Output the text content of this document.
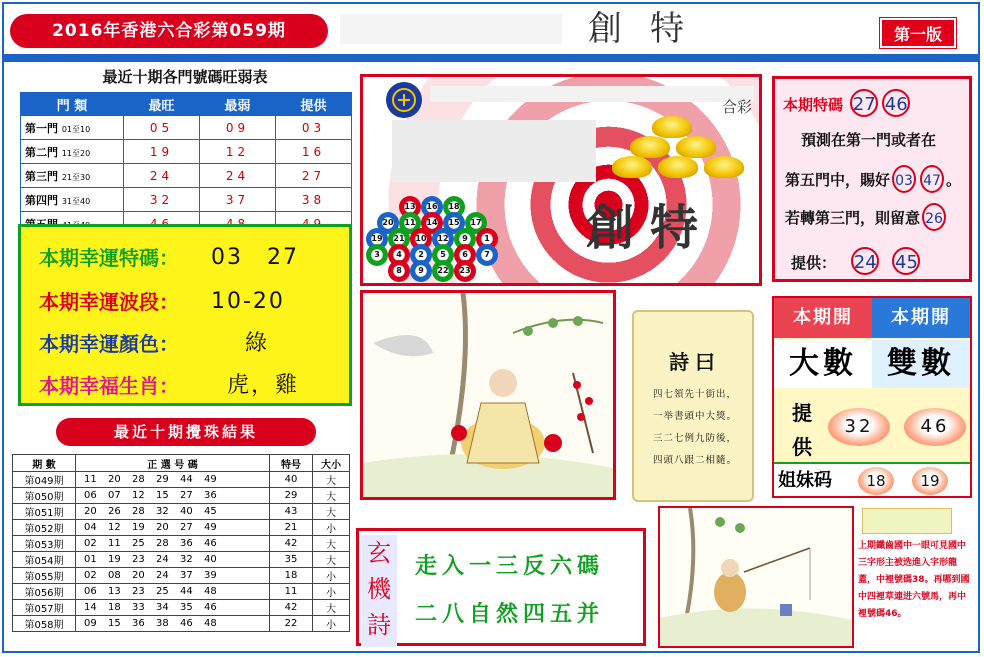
2016年香港六合彩第059期	創特	第一版
最近十期各門號碼旺弱表
門 類	最旺	最弱	提供
第一門 01至10	05	09	03
第二門 11至20	19	12	16
第三門 21至30	24	24	27
第四門 31至40	32	37	38

本期幸運特碼： 03　27
本期幸運波段： 10-20
本期幸運顏色：	綠
本期幸福生肖： 虎，雞
最近十期攪珠結果
期 數	正 選 号 碼	特号	大小
第049期	11 20 28 29 44 49	40	大
第050期	06 07 12 15 27 36	29	大
第051期	20 26 28 32 40 45	43	大
第052期	04 12 19 20 27 49	21	小
第053期	02 11 25 28 36 46	42	大
第054期	01 19 23 24 32 40	35	大
第055期	02 08 20 24 37 39	18	小
第056期	06 13 23 25 44 48	11	小
第057期	14 18 33 34 35 46	42	大
第058期	09 15 36 38 46 48	22	小
合彩
13	16	18
20	11	14	15	17
19	21	10	12	9	1
3	4	2	5	6	7
8	9	22	23
創特
本期特碼 27 46
預測在第一門或者在
第五門中，賜好 03 47 。
若轉第三門，則留意 26
提供： 24 45
詩曰
四七領先十街出，
一举書頭中大獎。
三二七例九防後，
四頭八跟二相隨。
本期開	本期開
大數	雙數
提供
32	46
姐妹码	18	19
玄
機
詩
走入一三反六碼
二八自然四五并
上期鐵齒國中一眼可見國中三字形主被选進入字形龍蓋，中裡號碼38。再哪到國中四裡草連进六號馬，再中裡號碼46。
